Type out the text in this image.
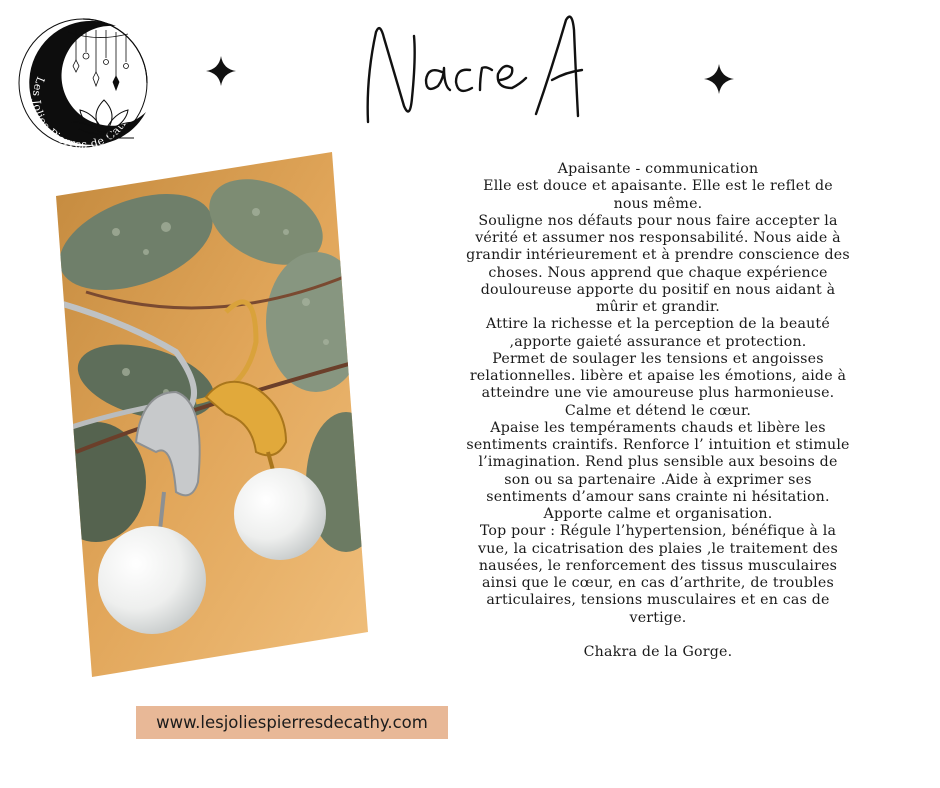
Les Jolies Pierres de Cath

Apaisante - communication

Elle est douce et apaisante. Elle est le reflet de nous même.

Souligne nos défauts pour nous faire accepter la vérité et assumer nos responsabilité. Nous aide à grandir intérieurement et à prendre conscience des choses. Nous apprend que chaque expérience douloureuse apporte du positif en nous aidant à mûrir et grandir.

Attire la richesse et la perception de la beauté ,apporte gaieté assurance et protection.

Permet de soulager les tensions et angoisses relationnelles. libère et apaise les émotions, aide à atteindre une vie amoureuse plus harmonieuse. Calme et détend le cœur.

Apaise les tempéraments chauds et libère les sentiments craintifs. Renforce l’ intuition et stimule l’imagination. Rend plus sensible aux besoins de son ou sa partenaire .Aide à exprimer ses sentiments d’amour sans crainte ni hésitation.

Apporte calme et organisation.

Top pour : Régule l’hypertension, bénéfique à la vue, la cicatrisation des plaies ,le traitement des nausées, le renforcement des tissus musculaires ainsi que le cœur, en cas d’arthrite, de troubles articulaires, tensions musculaires et en cas de vertige.

Chakra de la Gorge.

www.lesjoliespierresdecathy.com
